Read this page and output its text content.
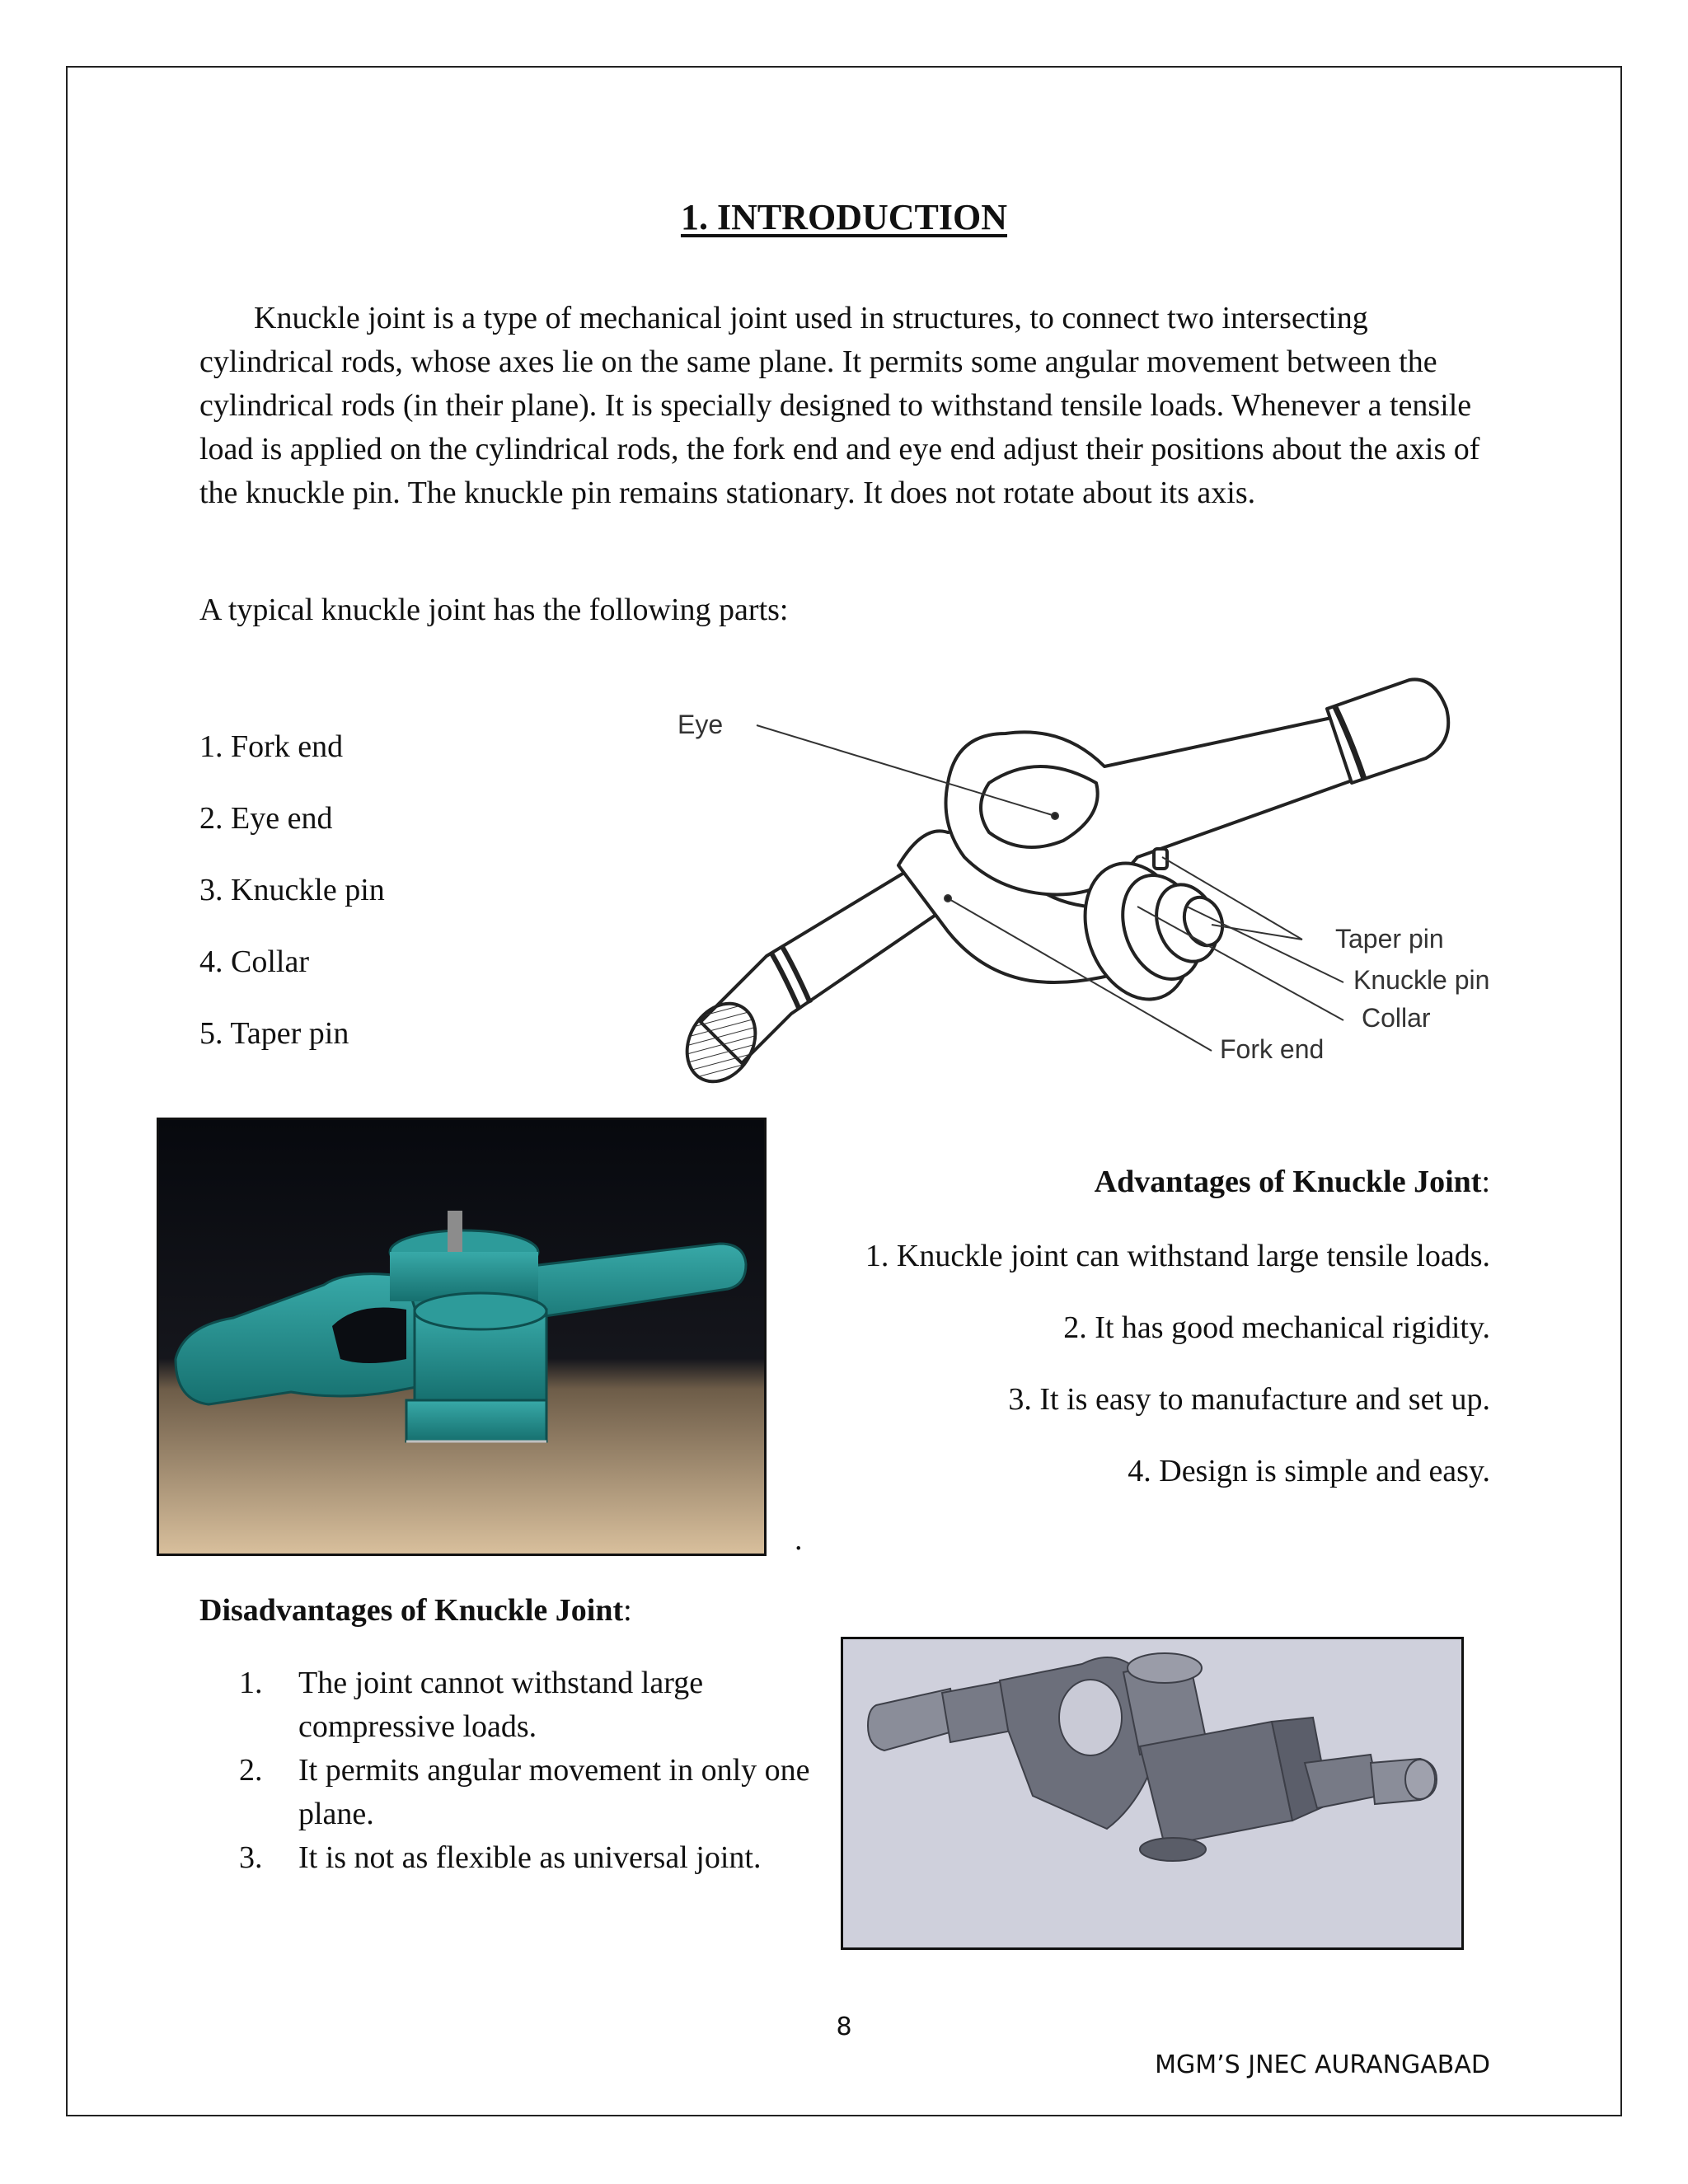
1. INTRODUCTION

Knuckle joint is a type of mechanical joint used in structures, to connect two intersecting cylindrical rods, whose axes lie on the same plane. It permits some angular movement between the cylindrical rods (in their plane). It is specially designed to withstand tensile loads. Whenever a tensile load is applied on the cylindrical rods, the fork end and eye end adjust their positions about the axis of the knuckle pin. The knuckle pin remains stationary. It does not rotate about its axis.

A typical knuckle joint has the following parts:

1. Fork end
2. Eye end
3. Knuckle pin
4. Collar
5. Taper pin
Eye
Taper pin
Knuckle pin
Collar
Fork end
Advantages of Knuckle Joint:
1. Knuckle joint can withstand large tensile loads.
2. It has good mechanical rigidity.
3. It is easy to manufacture and set up.
4. Design is simple and easy.
.
Disadvantages of Knuckle Joint:
1. The joint cannot withstand large compressive loads.
2. It permits angular movement in only one plane.
3. It is not as flexible as universal joint.
8
MGM’S JNEC AURANGABAD
